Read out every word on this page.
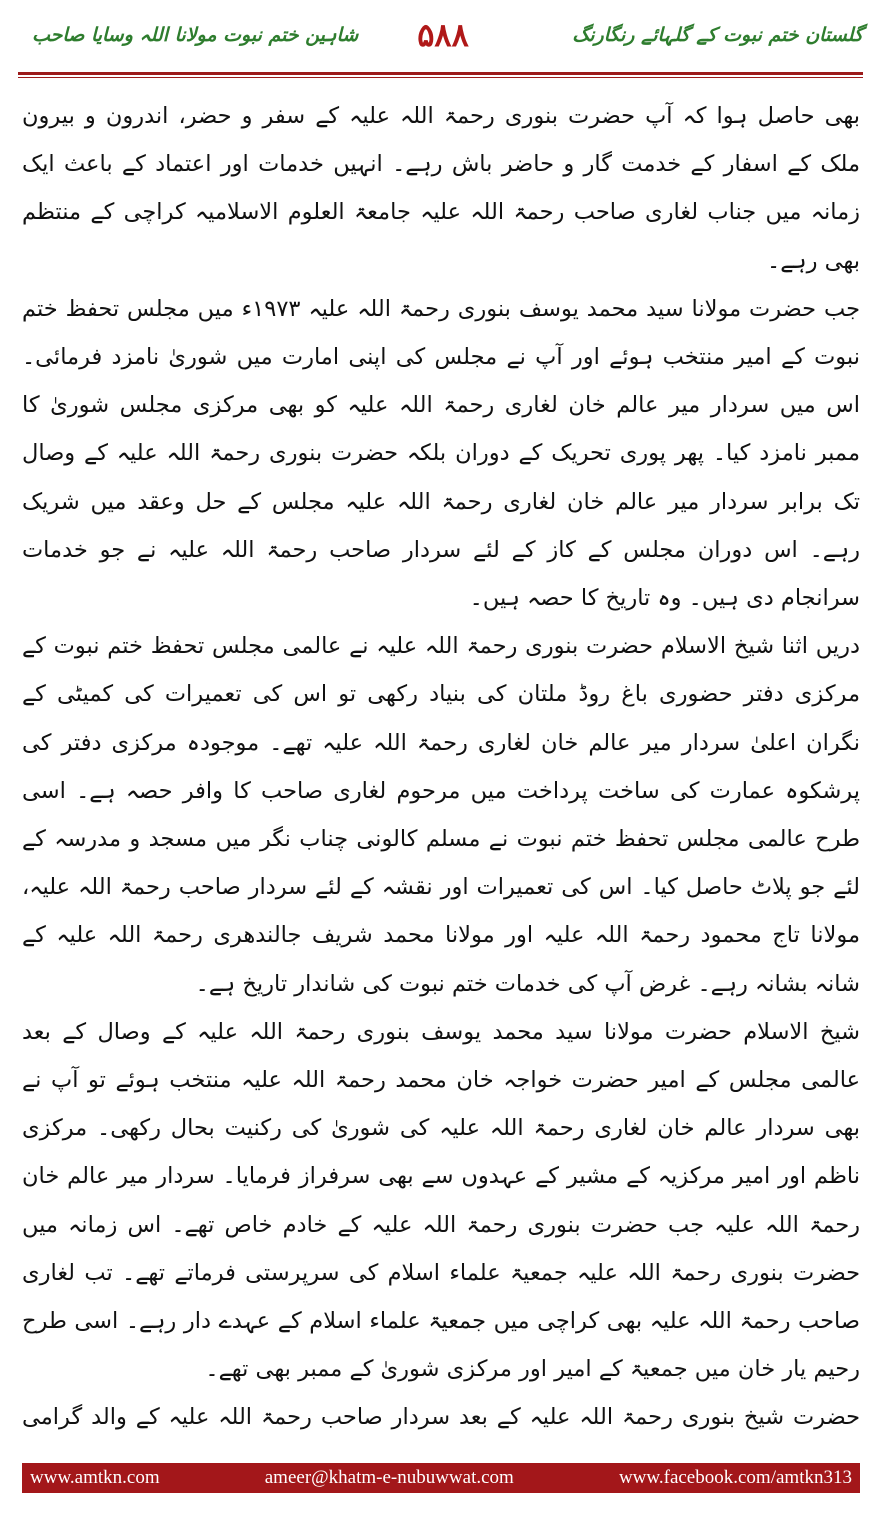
گلستان ختم نبوت کے گلہائے رنگارنگ
۵۸۸
شاہین ختم نبوت مولانا اللہ وسایا صاحب

بھی حاصل ہوا کہ آپ حضرت بنوری رحمۃ اللہ علیہ کے سفر و حضر، اندرون و بیرون ملک کے اسفار کے خدمت گار و حاضر باش رہے۔ انہیں خدمات اور اعتماد کے باعث ایک زمانہ میں جناب لغاری صاحب رحمۃ اللہ علیہ جامعۃ العلوم الاسلامیہ کراچی کے منتظم بھی رہے۔

جب حضرت مولانا سید محمد یوسف بنوری رحمۃ اللہ علیہ ۱۹۷۳ء میں مجلس تحفظ ختم نبوت کے امیر منتخب ہوئے اور آپ نے مجلس کی اپنی امارت میں شوریٰ نامزد فرمائی۔ اس میں سردار میر عالم خان لغاری رحمۃ اللہ علیہ کو بھی مرکزی مجلس شوریٰ کا ممبر نامزد کیا۔ پھر پوری تحریک کے دوران بلکہ حضرت بنوری رحمۃ اللہ علیہ کے وصال تک برابر سردار میر عالم خان لغاری رحمۃ اللہ علیہ مجلس کے حل وعقد میں شریک رہے۔ اس دوران مجلس کے کاز کے لئے سردار صاحب رحمۃ اللہ علیہ نے جو خدمات سرانجام دی ہیں۔ وہ تاریخ کا حصہ ہیں۔

دریں اثنا شیخ الاسلام حضرت بنوری رحمۃ اللہ علیہ نے عالمی مجلس تحفظ ختم نبوت کے مرکزی دفتر حضوری باغ روڈ ملتان کی بنیاد رکھی تو اس کی تعمیرات کی کمیٹی کے نگران اعلیٰ سردار میر عالم خان لغاری رحمۃ اللہ علیہ تھے۔ موجودہ مرکزی دفتر کی پرشکوہ عمارت کی ساخت پرداخت میں مرحوم لغاری صاحب کا وافر حصہ ہے۔ اسی طرح عالمی مجلس تحفظ ختم نبوت نے مسلم کالونی چناب نگر میں مسجد و مدرسہ کے لئے جو پلاٹ حاصل کیا۔ اس کی تعمیرات اور نقشہ کے لئے سردار صاحب رحمۃ اللہ علیہ، مولانا تاج محمود رحمۃ اللہ علیہ اور مولانا محمد شریف جالندھری رحمۃ اللہ علیہ کے شانہ بشانہ رہے۔ غرض آپ کی خدمات ختم نبوت کی شاندار تاریخ ہے۔

شیخ الاسلام حضرت مولانا سید محمد یوسف بنوری رحمۃ اللہ علیہ کے وصال کے بعد عالمی مجلس کے امیر حضرت خواجہ خان محمد رحمۃ اللہ علیہ منتخب ہوئے تو آپ نے بھی سردار عالم خان لغاری رحمۃ اللہ علیہ کی شوریٰ کی رکنیت بحال رکھی۔ مرکزی ناظم اور امیر مرکزیہ کے مشیر کے عہدوں سے بھی سرفراز فرمایا۔ سردار میر عالم خان رحمۃ اللہ علیہ جب حضرت بنوری رحمۃ اللہ علیہ کے خادم خاص تھے۔ اس زمانہ میں حضرت بنوری رحمۃ اللہ علیہ جمعیۃ علماء اسلام کی سرپرستی فرماتے تھے۔ تب لغاری صاحب رحمۃ اللہ علیہ بھی کراچی میں جمعیۃ علماء اسلام کے عہدے دار رہے۔ اسی طرح رحیم یار خان میں جمعیۃ کے امیر اور مرکزی شوریٰ کے ممبر بھی تھے۔

حضرت شیخ بنوری رحمۃ اللہ علیہ کے بعد سردار صاحب رحمۃ اللہ علیہ کے والد گرامی

www.amtkn.com	ameer@khatm-e-nubuwwat.com	www.facebook.com/amtkn313
